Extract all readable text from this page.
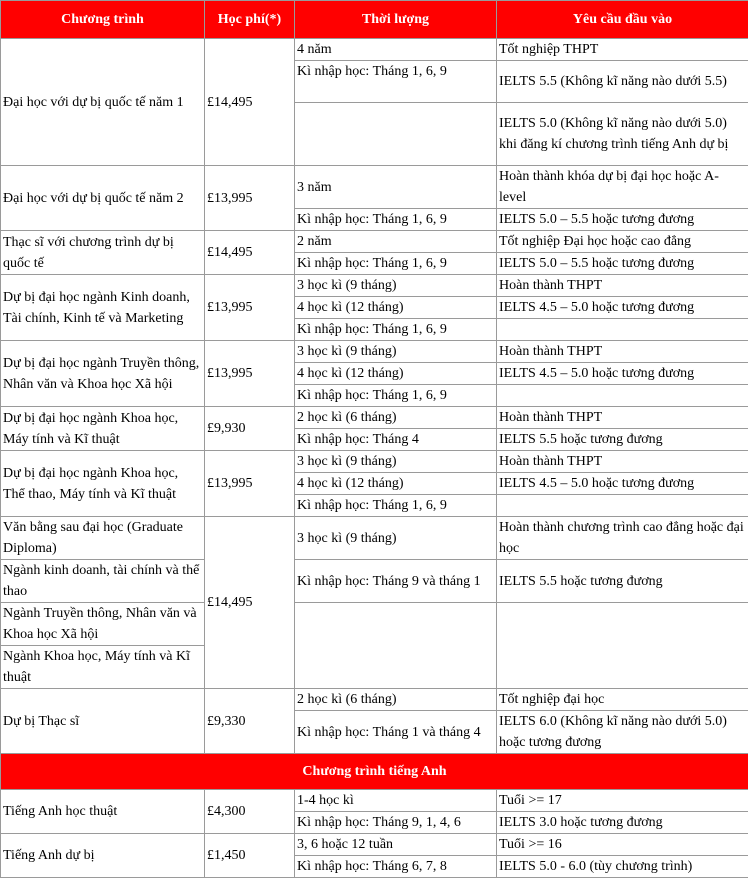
Chương trình	Học phí(*)	Thời lượng	Yêu cầu đầu vào
Đại học với dự bị quốc tế năm 1	£14,495	4 năm	Tốt nghiệp THPT
		Kì nhập học: Tháng 1, 6, 9	IELTS 5.5 (Không kĩ năng nào dưới 5.5)
			IELTS 5.0 (Không kĩ năng nào dưới 5.0) khi đăng kí chương trình tiếng Anh dự bị
Đại học với dự bị quốc tế năm 2	£13,995	3 năm	Hoàn thành khóa dự bị đại học hoặc A-level
		Kì nhập học: Tháng 1, 6, 9	IELTS 5.0 – 5.5 hoặc tương đương
Thạc sĩ với chương trình dự bị quốc tế	£14,495	2 năm	Tốt nghiệp Đại học hoặc cao đẳng
		Kì nhập học: Tháng 1, 6, 9	IELTS 5.0 – 5.5 hoặc tương đương
Dự bị đại học ngành Kinh doanh, Tài chính, Kinh tế và Marketing	£13,995	3 học kì (9 tháng)	Hoàn thành THPT
		4 học kì (12 tháng)	IELTS 4.5 – 5.0 hoặc tương đương
		Kì nhập học: Tháng 1, 6, 9	
Dự bị đại học ngành Truyền thông, Nhân văn và Khoa học Xã hội	£13,995	3 học kì (9 tháng)	Hoàn thành THPT
		4 học kì (12 tháng)	IELTS 4.5 – 5.0 hoặc tương đương
		Kì nhập học: Tháng 1, 6, 9	
Dự bị đại học ngành Khoa học, Máy tính và Kĩ thuật	£9,930	2 học kì (6 tháng)	Hoàn thành THPT
		Kì nhập học: Tháng 4	IELTS 5.5 hoặc tương đương
Dự bị đại học ngành Khoa học, Thể thao, Máy tính và Kĩ thuật	£13,995	3 học kì (9 tháng)	Hoàn thành THPT
		4 học kì (12 tháng)	IELTS 4.5 – 5.0 hoặc tương đương
		Kì nhập học: Tháng 1, 6, 9	
Văn bằng sau đại học (Graduate Diploma)	£14,495	3 học kì (9 tháng)	Hoàn thành chương trình cao đẳng hoặc đại học
Ngành kinh doanh, tài chính và thể thao		Kì nhập học: Tháng 9 và tháng 1	IELTS 5.5 hoặc tương đương
Ngành Truyền thông, Nhân văn và Khoa học Xã hội			
Ngành Khoa học, Máy tính và Kĩ thuật			
Dự bị Thạc sĩ	£9,330	2 học kì (6 tháng)	Tốt nghiệp đại học
		Kì nhập học: Tháng 1 và tháng 4	IELTS 6.0 (Không kĩ năng nào dưới 5.0) hoặc tương đương
Chương trình tiếng Anh			
Tiếng Anh học thuật	£4,300	1-4 học kì	Tuổi >= 17
		Kì nhập học: Tháng 9, 1, 4, 6	IELTS 3.0 hoặc tương đương
Tiếng Anh dự bị	£1,450	3, 6 hoặc 12 tuần	Tuổi >= 16
		Kì nhập học: Tháng 6, 7, 8	IELTS 5.0 - 6.0 (tùy chương trình)
